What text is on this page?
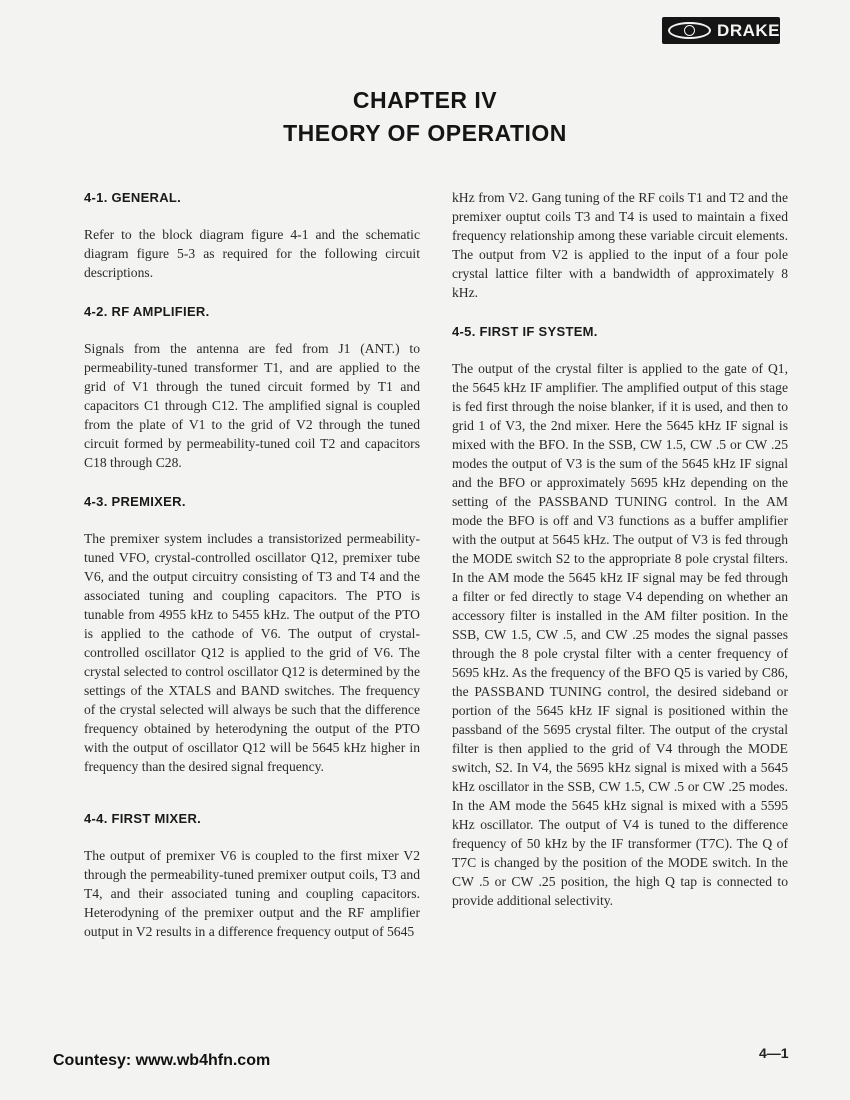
DRAKE
CHAPTER IV
THEORY OF OPERATION
4-1. GENERAL.

Refer to the block diagram figure 4-1 and the schematic diagram figure 5-3 as required for the following circuit descriptions.

4-2. RF AMPLIFIER.

Signals from the antenna are fed from J1 (ANT.) to permeability-tuned transformer T1, and are applied to the grid of V1 through the tuned circuit formed by T1 and capacitors C1 through C12. The amplified signal is coupled from the plate of V1 to the grid of V2 through the tuned circuit formed by permeability-tuned coil T2 and capacitors C18 through C28.

4-3. PREMIXER.

The premixer system includes a transistorized permeability-tuned VFO, crystal-controlled oscillator Q12, premixer tube V6, and the output circuitry consisting of T3 and T4 and the associated tuning and coupling capacitors. The PTO is tunable from 4955 kHz to 5455 kHz. The output of the PTO is applied to the cathode of V6. The output of crystal-controlled oscillator Q12 is applied to the grid of V6. The crystal selected to control oscillator Q12 is determined by the settings of the XTALS and BAND switches. The frequency of the crystal selected will always be such that the difference frequency obtained by heterodyning the output of the PTO with the output of oscillator Q12 will be 5645 kHz higher in frequency than the desired signal frequency.

4-4. FIRST MIXER.

The output of premixer V6 is coupled to the first mixer V2 through the permeability-tuned premixer output coils, T3 and T4, and their associated tuning and coupling capacitors. Heterodyning of the premixer output and the RF amplifier output in V2 results in a difference frequency output of 5645

kHz from V2. Gang tuning of the RF coils T1 and T2 and the premixer ouptut coils T3 and T4 is used to maintain a fixed frequency relationship among these variable circuit elements. The output from V2 is applied to the input of a four pole crystal lattice filter with a bandwidth of approximately 8 kHz.

4-5. FIRST IF SYSTEM.

The output of the crystal filter is applied to the gate of Q1, the 5645 kHz IF amplifier. The amplified output of this stage is fed first through the noise blanker, if it is used, and then to grid 1 of V3, the 2nd mixer. Here the 5645 kHz IF signal is mixed with the BFO. In the SSB, CW 1.5, CW .5 or CW .25 modes the output of V3 is the sum of the 5645 kHz IF signal and the BFO or approximately 5695 kHz depending on the setting of the PASSBAND TUNING control. In the AM mode the BFO is off and V3 functions as a buffer amplifier with the output at 5645 kHz. The output of V3 is fed through the MODE switch S2 to the appropriate 8 pole crystal filters. In the AM mode the 5645 kHz IF signal may be fed through a filter or fed directly to stage V4 depending on whether an accessory filter is installed in the AM filter position. In the SSB, CW 1.5, CW .5, and CW .25 modes the signal passes through the 8 pole crystal filter with a center frequency of 5695 kHz. As the frequency of the BFO Q5 is varied by C86, the PASSBAND TUNING control, the desired sideband or portion of the 5645 kHz IF signal is positioned within the passband of the 5695 crystal filter. The output of the crystal filter is then applied to the grid of V4 through the MODE switch, S2. In V4, the 5695 kHz signal is mixed with a 5645 kHz oscillator in the SSB, CW 1.5, CW .5 or CW .25 modes. In the AM mode the 5645 kHz signal is mixed with a 5595 kHz oscillator. The output of V4 is tuned to the difference frequency of 50 kHz by the IF transformer (T7C). The Q of T7C is changed by the position of the MODE switch. In the CW .5 or CW .25 position, the high Q tap is connected to provide additional selectivity.

Countesy: www.wb4hfn.com	4—1
